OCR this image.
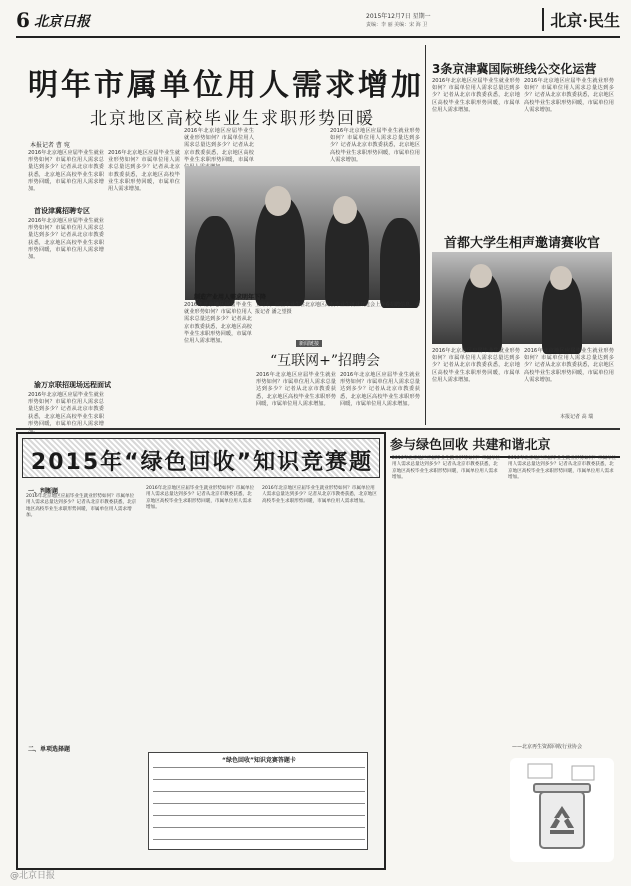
6 北京日报	2015年12月7日 星期一
责编：李 丽 美编：宋 海 卫	北京·民生
明年市属单位用人需求增加
北京地区高校毕业生求职形势回暖
本报记者 曹 宛
2016年北京地区应届毕业生就业形势如何？市属单位用人需求总量达到多少？记者从北京市教委获悉，北京地区高校毕业生求职形势回暖，市属单位用人需求增加。
首设津冀招聘专区
2016年北京地区应届毕业生就业形势如何？市属单位用人需求总量达到多少？记者从北京市教委获悉，北京地区高校毕业生求职形势回暖，市属单位用人需求增加。
渝万京联招现场远程面试
2016年北京地区应届毕业生就业形势如何？市属单位用人需求总量达到多少？记者从北京市教委获悉，北京地区高校毕业生求职形势回暖，市属单位用人需求增
2016年北京地区应届毕业生就业形势如何？市属单位用人需求总量达到多少？记者从北京市教委获悉，北京地区高校毕业生求职形势回暖，市属单位用人需求增加。
2016年北京地区应届毕业生就业形势如何？市属单位用人需求总量达到多少？记者从北京市教委获悉，北京地区高校毕业生求职形势回暖，市属单
2016年北京地区应届毕业生就业形势如何？市属单位用人需求总量达到多少？记者从北京市教委获悉，北京地区高校毕业生求职形势回暖，市属单位用人需求增加。
上周末，应届毕业生在北京地区高校毕业生就业双选会上查看招聘信息。本报记者 潘之望摄
2016年北京地区应届毕业生就业形势如何？市属单位用人需求总量达到多少？记者从北京市教委获悉，北京地区高校毕业生求职形势回暖，市属单位用人需求增加。
制造产业用人需求明年下降
新闻链接
“互联网+”招聘会
2016年北京地区应届毕业生就业形势如何？市属单位用人需求总量达到多少？记者从北京市教委获悉，北京地区高校毕业生求职形势回暖，市属单位用人需求增加。
2016年北京地区应届毕业生就业形势如何？市属单位用人需求总量达到多少？记者从北京市教委获悉，北京地区高校毕业生求职形势回暖，市属单位用人需求增加。
3条京津冀国际班线公交化运营
2016年北京地区应届毕业生就业形势如何？市属单位用人需求总量达到多少？记者从北京市教委获悉，北京地区高校毕业生求职形势回暖，市属单位用人需求增加。
2016年北京地区应届毕业生就业形势如何？市属单位用人需求总量达到多少？记者从北京市教委获悉，北京地区高校毕业生求职形势回暖，市属单位用人需求增加。
首都大学生相声邀请赛收官
2016年北京地区应届毕业生就业形势如何？市属单位用人需求总量达到多少？记者从北京市教委获悉，北京地区高校毕业生求职形势回暖，市属单位用人需求增加。
2016年北京地区应届毕业生就业形势如何？市属单位用人需求总量达到多少？记者从北京市教委获悉，北京地区高校毕业生求职形势回暖，市属单位用人需求增加。
本报记者 高 瑞
2015年“绿色回收”知识竞赛题
一、判断题
2016年北京地区应届毕业生就业形势如何？市属单位用人需求总量达到多少？记者从北京市教委获悉，北京地区高校毕业生求职形势回暖，市属单位用人需求增加。
2016年北京地区应届毕业生就业形势如何？市属单位用人需求总量达到多少？记者从北京市教委获悉，北京地区高校毕业生求职形势回暖，市属单位用人需求增加。
2016年北京地区应届毕业生就业形势如何？市属单位用人需求总量达到多少？记者从北京市教委获悉，北京地区高校毕业生求职形势回暖，市属单位用人需求增加。
二、单项选择题
“绿色回收”知识竞赛答题卡
参与绿色回收 共建和谐北京
2016年北京地区应届毕业生就业形势如何？市属单位用人需求总量达到多少？记者从北京市教委获悉，北京地区高校毕业生求职形势回暖，市属单位用人需求增加。
2016年北京地区应届毕业生就业形势如何？市属单位用人需求总量达到多少？记者从北京市教委获悉，北京地区高校毕业生求职形势回暖，市属单位用人需求增加。
——北京再生资源回收行业协会
@北京日报
